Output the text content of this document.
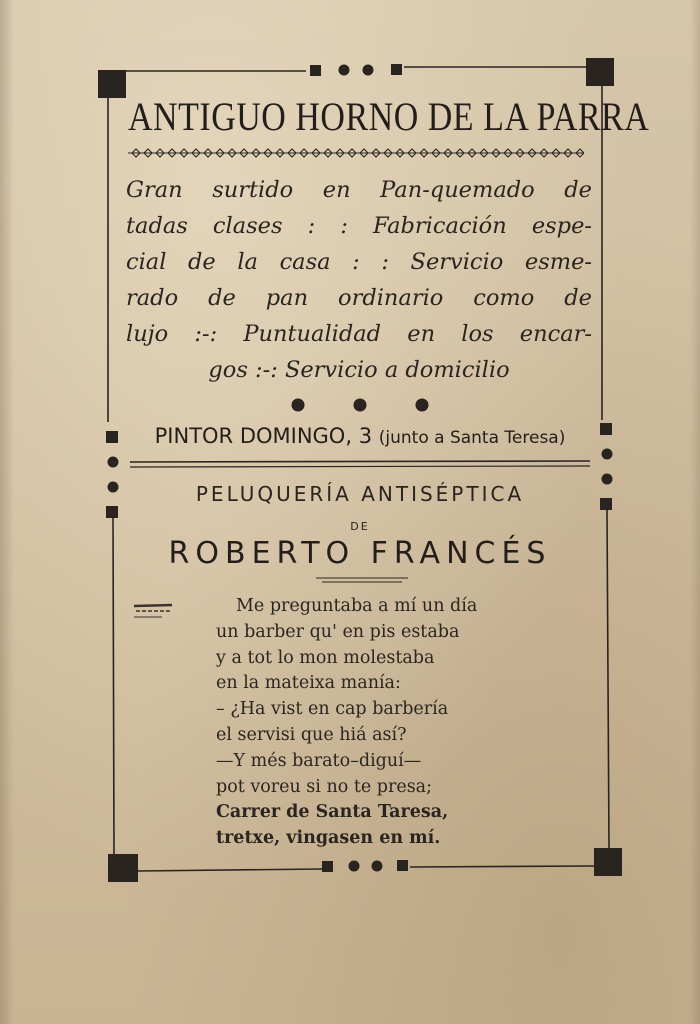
ANTIGUO HORNO DE LA PARRA
Gran surtido en Pan-quemado de
tadas clases : : Fabricación espe-
cial de la casa : : Servicio esme-
rado de pan ordinario como de
lujo :-: Puntualidad en los encar-
gos :-: Servicio a domicilio
PINTOR DOMINGO, 3 (junto a Santa Teresa)
PELUQUERÍA ANTISÉPTICA
DE
ROBERTO FRANCÉS
Me preguntaba a mí un día
un barber qu' en pis estaba
y a tot lo mon molestaba
en la mateixa manía:
– ¿Ha vist en cap barbería
el servisi que hiá así?
—Y més barato–diguí—
pot voreu si no te presa;
Carrer de Santa Taresa,
tretxe, vingasen en mí.
